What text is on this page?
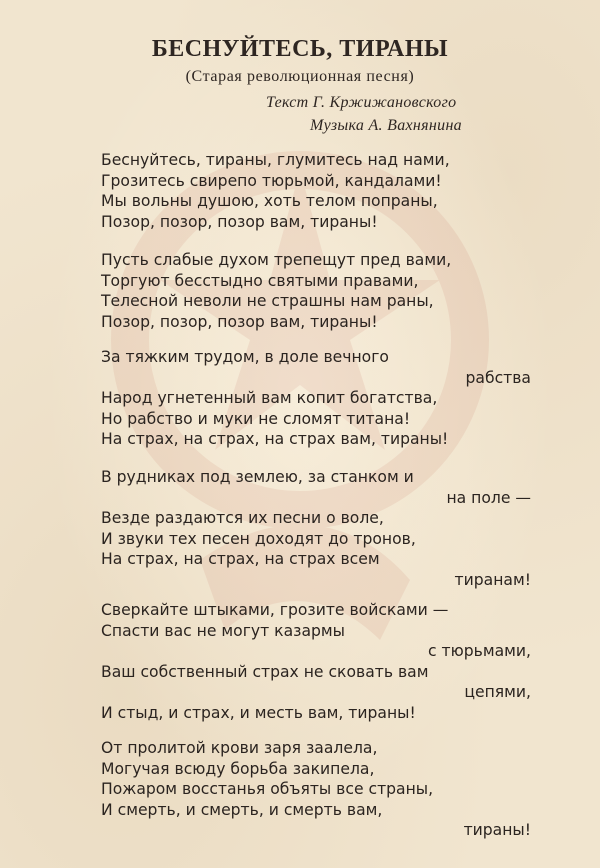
БЕСНУЙТЕСЬ, ТИРАНЫ
(Старая революционная песня)
Текст Г. Кржижановского
Музыка А. Вахнянина
Беснуйтесь, тираны, глумитесь над нами,
Грозитесь свирепо тюрьмой, кандалами!
Мы вольны душою, хоть телом попраны,
Позор, позор, позор вам, тираны!
Пусть слабые духом трепещут пред вами,
Торгуют бесстыдно святыми правами,
Телесной неволи не страшны нам раны,
Позор, позор, позор вам, тираны!
За тяжким трудом, в доле вечного
рабства
Народ угнетенный вам копит богатства,
Но рабство и муки не сломят титана!
На страх, на страх, на страх вам, тираны!
В рудниках под землею, за станком и
на поле —
Везде раздаются их песни о воле,
И звуки тех песен доходят до тронов,
На страх, на страх, на страх всем
тиранам!
Сверкайте штыками, грозите войсками —
Спасти вас не могут казармы
с тюрьмами,
Ваш собственный страх не сковать вам
цепями,
И стыд, и страх, и месть вам, тираны!
От пролитой крови заря заалела,
Могучая всюду борьба закипела,
Пожаром восстанья объяты все страны,
И смерть, и смерть, и смерть вам,
тираны!
